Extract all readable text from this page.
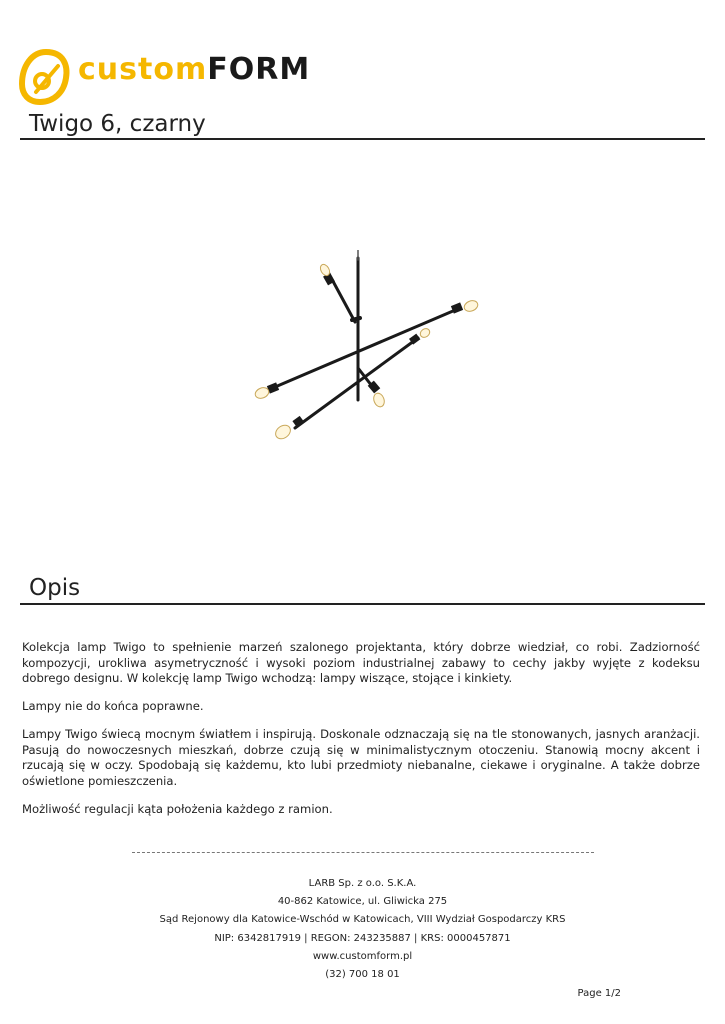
customFORM
Twigo 6, czarny
Opis

Kolekcja lamp Twigo to spełnienie marzeń szalonego projektanta, który dobrze wiedział, co robi. Zadziorność kompozycji, urokliwa asymetryczność i wysoki poziom industrialnej zabawy to cechy jakby wyjęte z kodeksu dobrego designu. W kolekcję lamp Twigo wchodzą: lampy wiszące, stojące i kinkiety.

Lampy nie do końca poprawne.

Lampy Twigo świecą mocnym światłem i inspirują. Doskonale odznaczają się na tle stonowanych, jasnych aranżacji. Pasują do nowoczesnych mieszkań, dobrze czują się w minimalistycznym otoczeniu. Stanowią mocny akcent i rzucają się w oczy. Spodobają się każdemu, kto lubi przedmioty niebanalne, ciekawe i oryginalne. A także dobrze oświetlone pomieszczenia.

Możliwość regulacji kąta położenia każdego z ramion.

LARB Sp. z o.o. S.K.A.
40-862 Katowice, ul. Gliwicka 275
Sąd Rejonowy dla Katowice-Wschód w Katowicach, VIII Wydział Gospodarczy KRS
NIP: 6342817919 | REGON: 243235887 | KRS: 0000457871
www.customform.pl
(32) 700 18 01
Page 1/2
